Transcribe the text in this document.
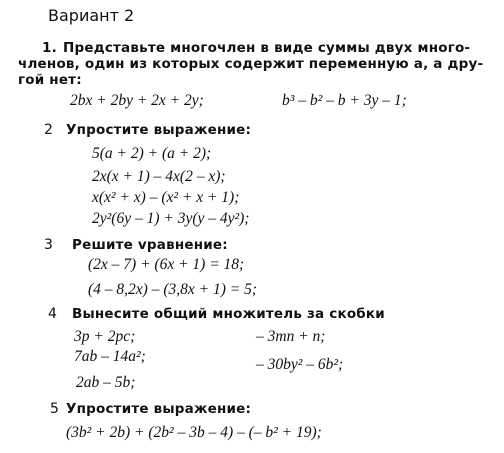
Вариант 2
1. Представьте многочлен в виде суммы двух много-
членов, один из которых содержит переменную a, а дру-
гой нет:
2bx + 2by + 2x + 2y;	b³ – b² – b + 3y – 1;
2 Упростите выражение:
5(a + 2) + (a + 2);
2x(x + 1) – 4x(2 – x);
x(x² + x) – (x² + x + 1);
2y²(6y – 1) + 3y(y – 4y²);
3 Решите vравнение:
(2x – 7) + (6x + 1) = 18;
(4 – 8,2x) – (3,8x + 1) = 5;
4 Вынесите общий множитель за скобки
3p + 2pc;
7ab – 14a²;
2ab – 5b;
– 3mn + n;
– 30by² – 6b²;
5 Упростите выражение:
(3b² + 2b) + (2b² – 3b – 4) – (– b² + 19);
